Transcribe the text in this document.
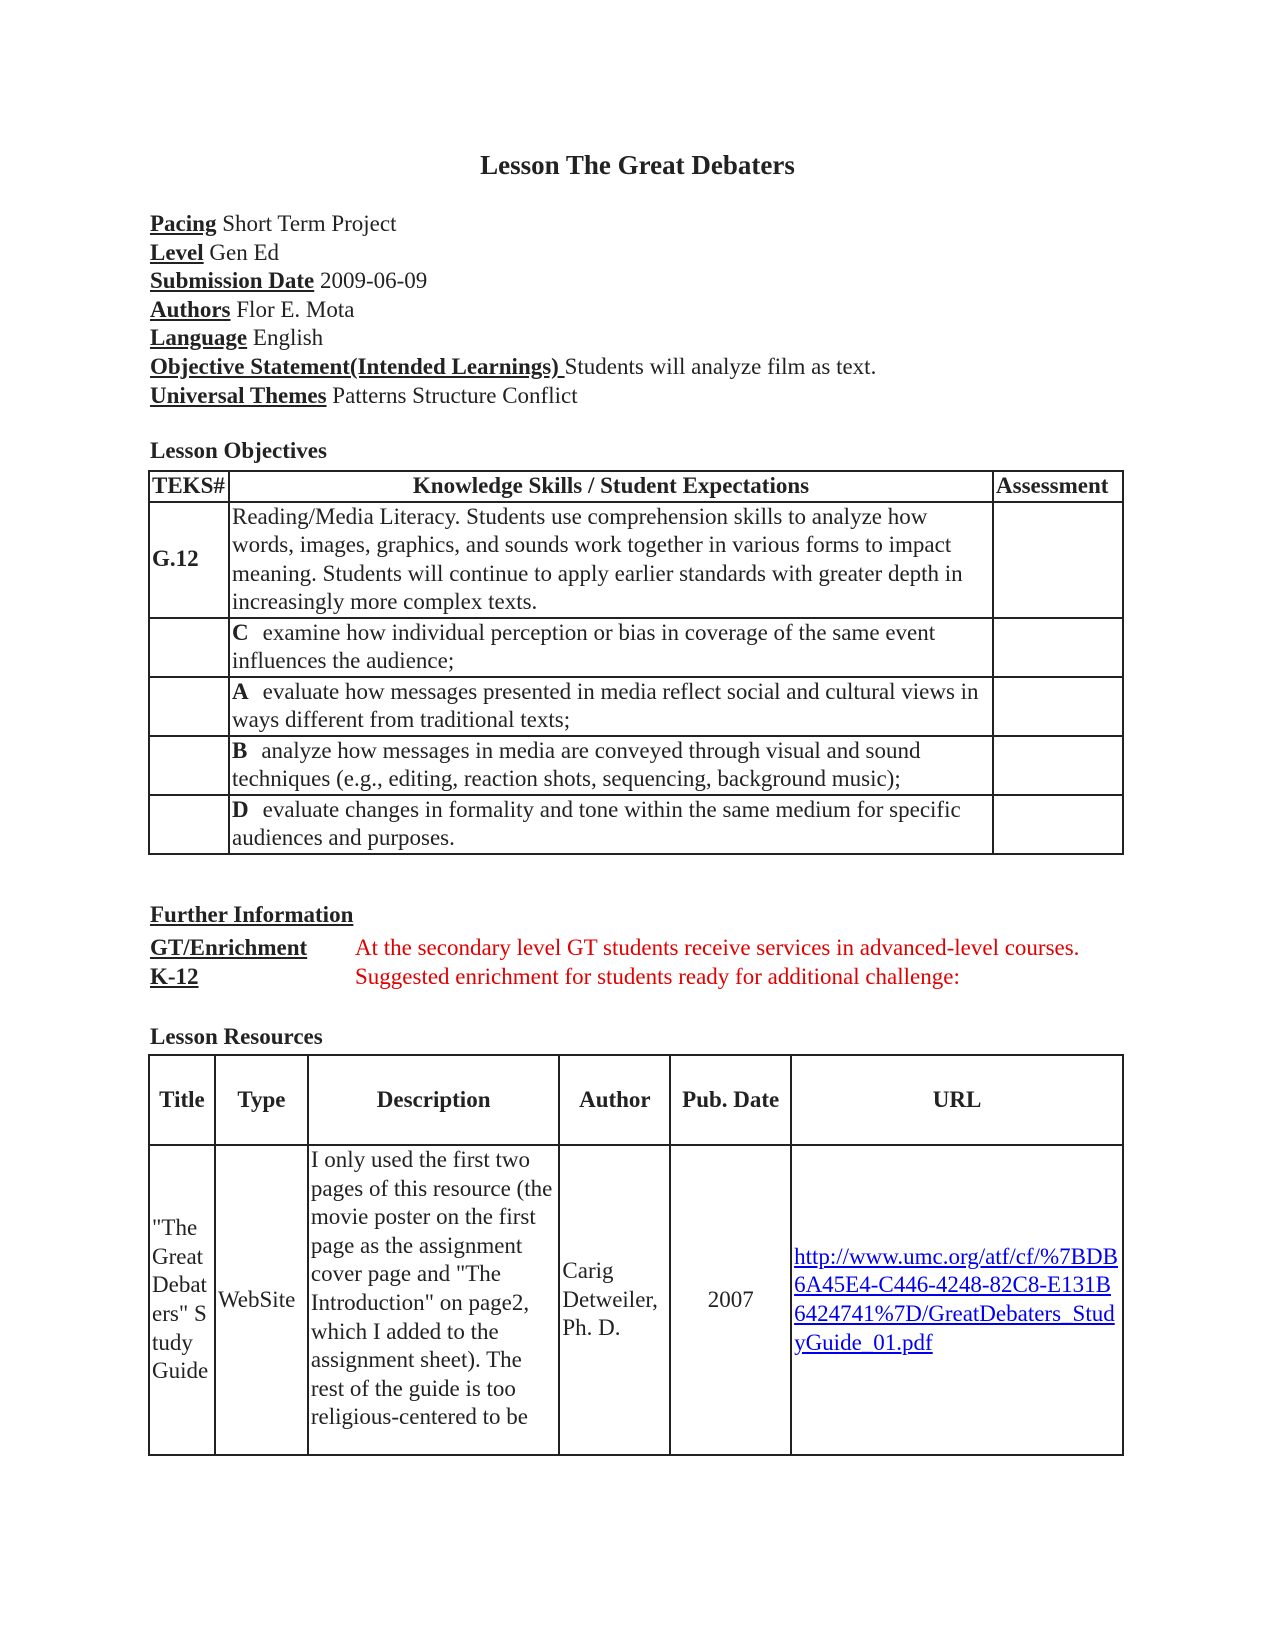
Lesson The Great Debaters
Pacing Short Term Project
Level Gen Ed
Submission Date 2009-06-09
Authors Flor E. Mota
Language English
Objective Statement(Intended Learnings) Students will analyze film as text.
Universal Themes Patterns Structure Conflict
Lesson Objectives
TEKS#	Knowledge Skills / Student Expectations	Assessment
G.12	Reading/Media Literacy. Students use comprehension skills to analyze how words, images, graphics, and sounds work together in various forms to impact meaning. Students will continue to apply earlier standards with greater depth in increasingly more complex texts.	
	C examine how individual perception or bias in coverage of the same event influences the audience;	
	A evaluate how messages presented in media reflect social and cultural views in ways different from traditional texts;	
	B analyze how messages in media are conveyed through visual and sound techniques (e.g., editing, reaction shots, sequencing, background music);	
	D evaluate changes in formality and tone within the same medium for specific audiences and purposes.	
Further Information
GT/Enrichment K-12
At the secondary level GT students receive services in advanced-level courses. Suggested enrichment for students ready for additional challenge:
Lesson Resources
Title	Type	Description	Author	Pub. Date	URL
"The Great Debaters" Study Guide	WebSite	I only used the first two pages of this resource (the movie poster on the first page as the assignment cover page and "The Introduction" on page2, which I added to the assignment sheet). The rest of the guide is too religious-centered to be	Carig Detweiler, Ph. D.	2007	http://www.umc.org/atf/cf/%7BDB6A45E4-C446-4248-82C8-E131B6424741%7D/GreatDebaters_StudyGuide_01.pdf
